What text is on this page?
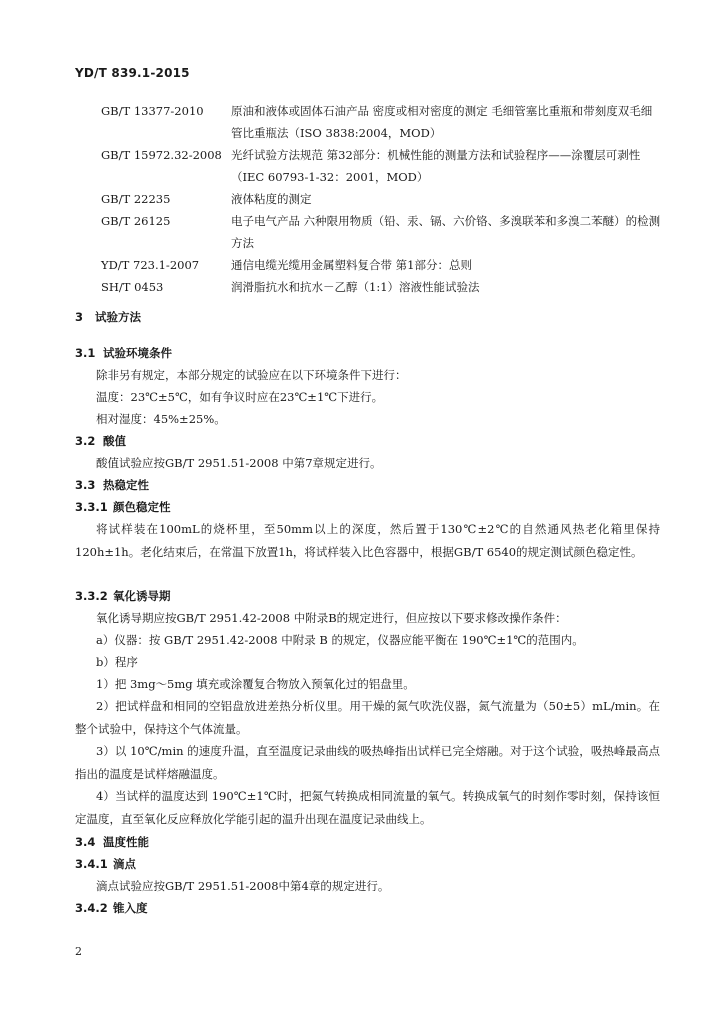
YD/T 839.1-2015
GB/T 13377-2010 原油和液体或固体石油产品 密度或相对密度的测定 毛细管塞比重瓶和带刻度双毛细管比重瓶法（ISO 3838:2004，MOD）
GB/T 15972.32-2008 光纤试验方法规范 第32部分：机械性能的测量方法和试验程序——涂覆层可剥性（IEC 60793-1-32：2001，MOD）
GB/T 22235	液体粘度的测定
GB/T 26125	电子电气产品 六种限用物质（铅、汞、镉、六价铬、多溴联苯和多溴二苯醚）的检测方法
YD/T 723.1-2007	通信电缆光缆用金属塑料复合带 第1部分：总则
SH/T 0453	润滑脂抗水和抗水－乙醇（1:1）溶液性能试验法
3 试验方法
3.1 试验环境条件
除非另有规定，本部分规定的试验应在以下环境条件下进行：
温度：23℃±5℃，如有争议时应在23℃±1℃下进行。
相对湿度：45%±25%。
3.2 酸值
酸值试验应按GB/T 2951.51-2008 中第7章规定进行。
3.3 热稳定性
3.3.1 颜色稳定性
将试样装在100mL的烧杯里，至50mm以上的深度，然后置于130℃±2℃的自然通风热老化箱里保持120h±1h。老化结束后，在常温下放置1h，将试样装入比色容器中，根据GB/T 6540的规定测试颜色稳定性。
3.3.2 氧化诱导期
氧化诱导期应按GB/T 2951.42-2008 中附录B的规定进行，但应按以下要求修改操作条件：
a）仪器：按 GB/T 2951.42-2008 中附录 B 的规定，仪器应能平衡在 190℃±1℃的范围内。
b）程序
1）把 3mg～5mg 填充或涂覆复合物放入预氧化过的铝盘里。
2）把试样盘和相同的空铝盘放进差热分析仪里。用干燥的氮气吹洗仪器，氮气流量为（50±5）mL/min。在整个试验中，保持这个气体流量。
3）以 10℃/min 的速度升温，直至温度记录曲线的吸热峰指出试样已完全熔融。对于这个试验，吸热峰最高点指出的温度是试样熔融温度。
4）当试样的温度达到 190℃±1℃时，把氮气转换成相同流量的氧气。转换成氧气的时刻作零时刻，保持该恒定温度，直至氧化反应释放化学能引起的温升出现在温度记录曲线上。
3.4 温度性能
3.4.1 滴点
滴点试验应按GB/T 2951.51-2008中第4章的规定进行。
3.4.2 锥入度
2
